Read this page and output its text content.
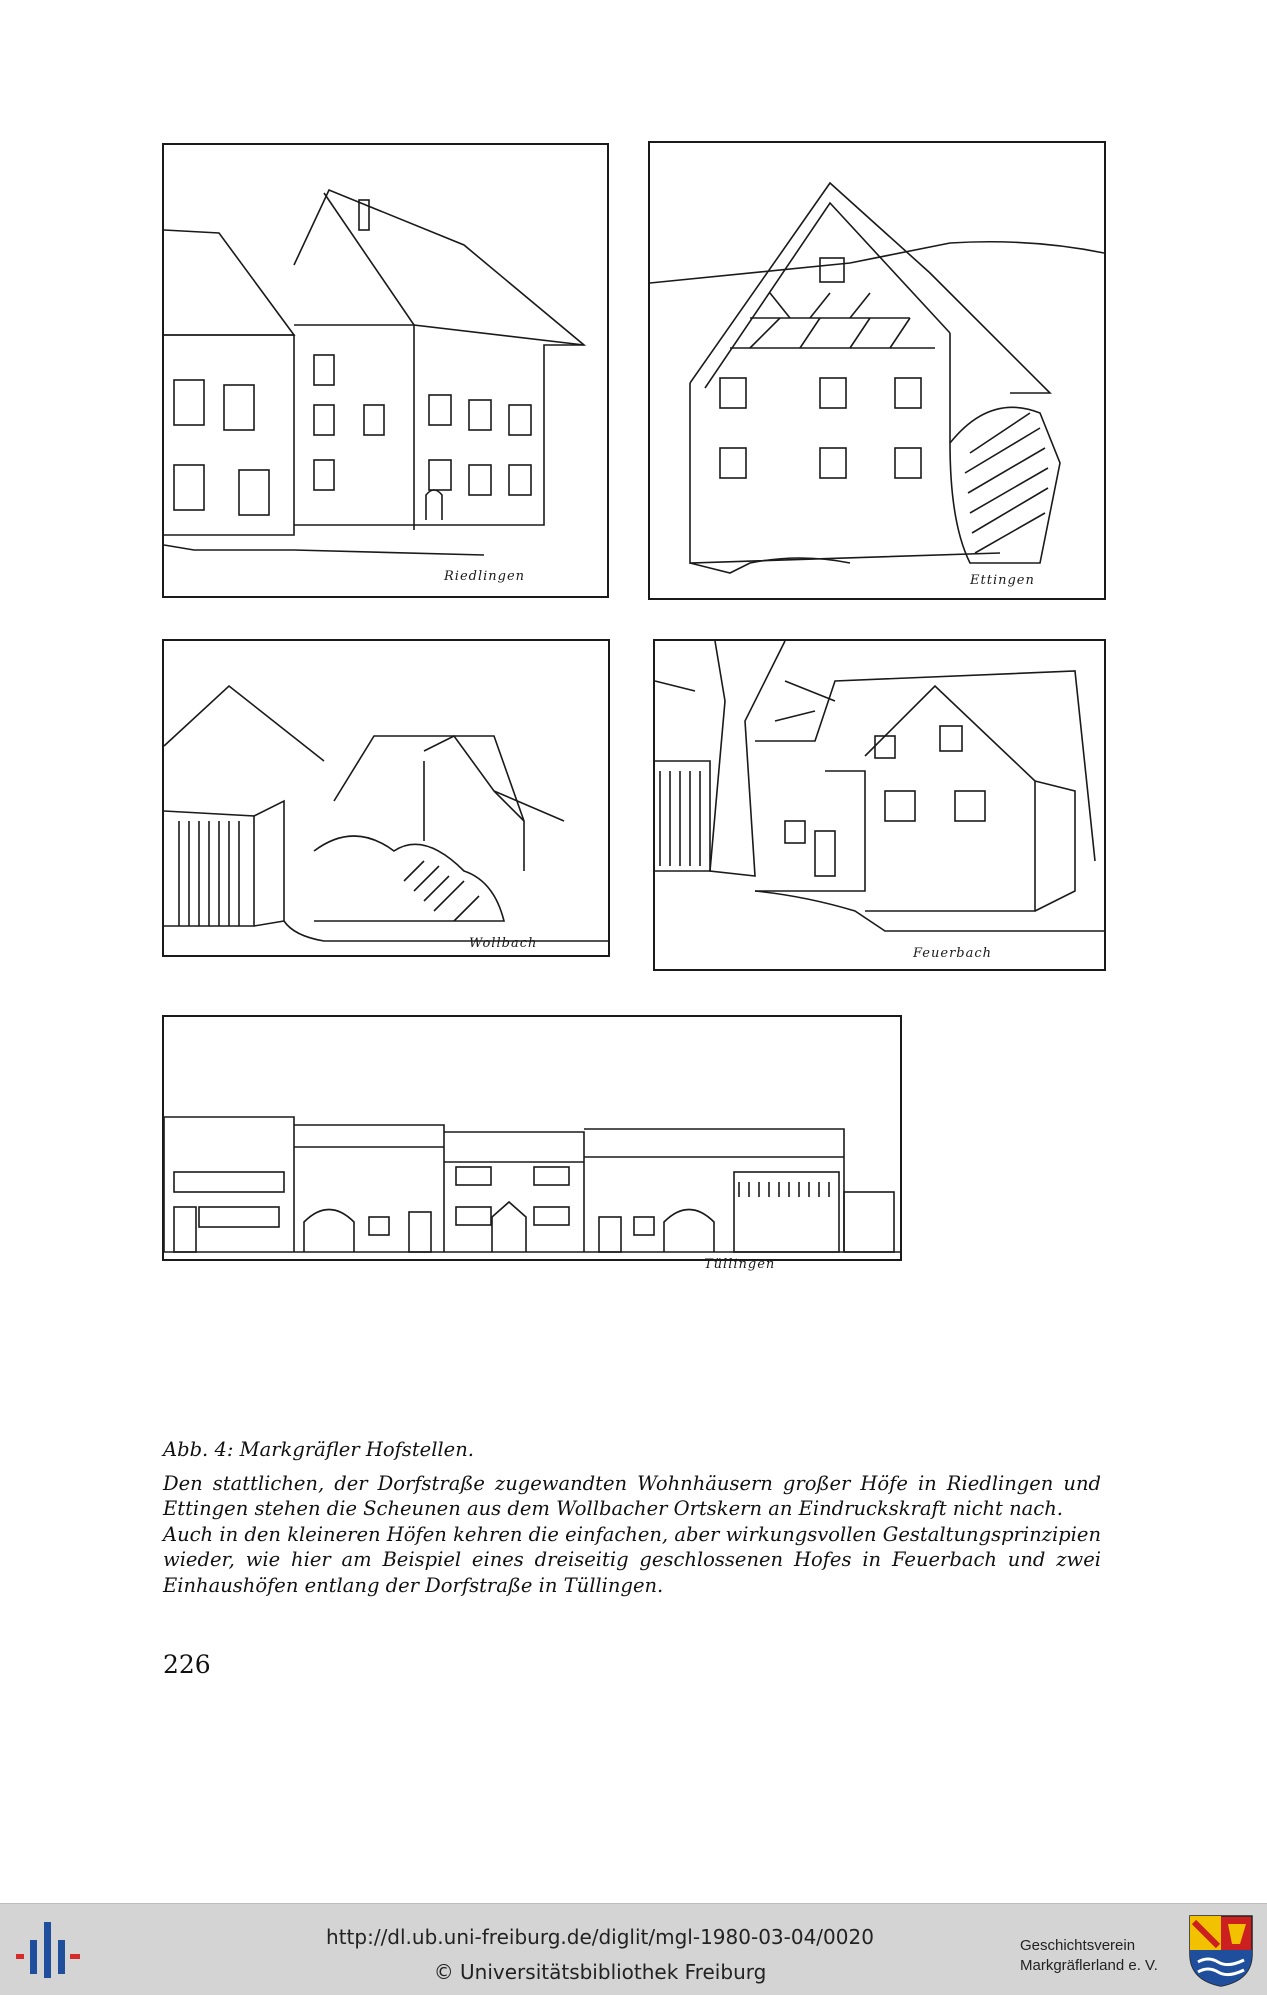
Riedlingen	Ettingen
Wollbach
Feuerbach
Tüllingen

Abb. 4: Markgräfler Hofstellen.

Den stattlichen, der Dorfstraße zugewandten Wohnhäusern großer Höfe in Riedlingen und Ettingen stehen die Scheunen aus dem Wollbacher Ortskern an Eindruckskraft nicht nach.

Auch in den kleineren Höfen kehren die einfachen, aber wirkungsvollen Gestaltungsprinzipien wieder, wie hier am Beispiel eines dreiseitig geschlossenen Hofes in Feuerbach und zwei Einhaushöfen entlang der Dorfstraße in Tüllingen.

226
http://dl.ub.uni-freiburg.de/diglit/mgl-1980-03-04/0020
© Universitätsbibliothek Freiburg
Geschichtsverein
Markgräflerland e. V.
